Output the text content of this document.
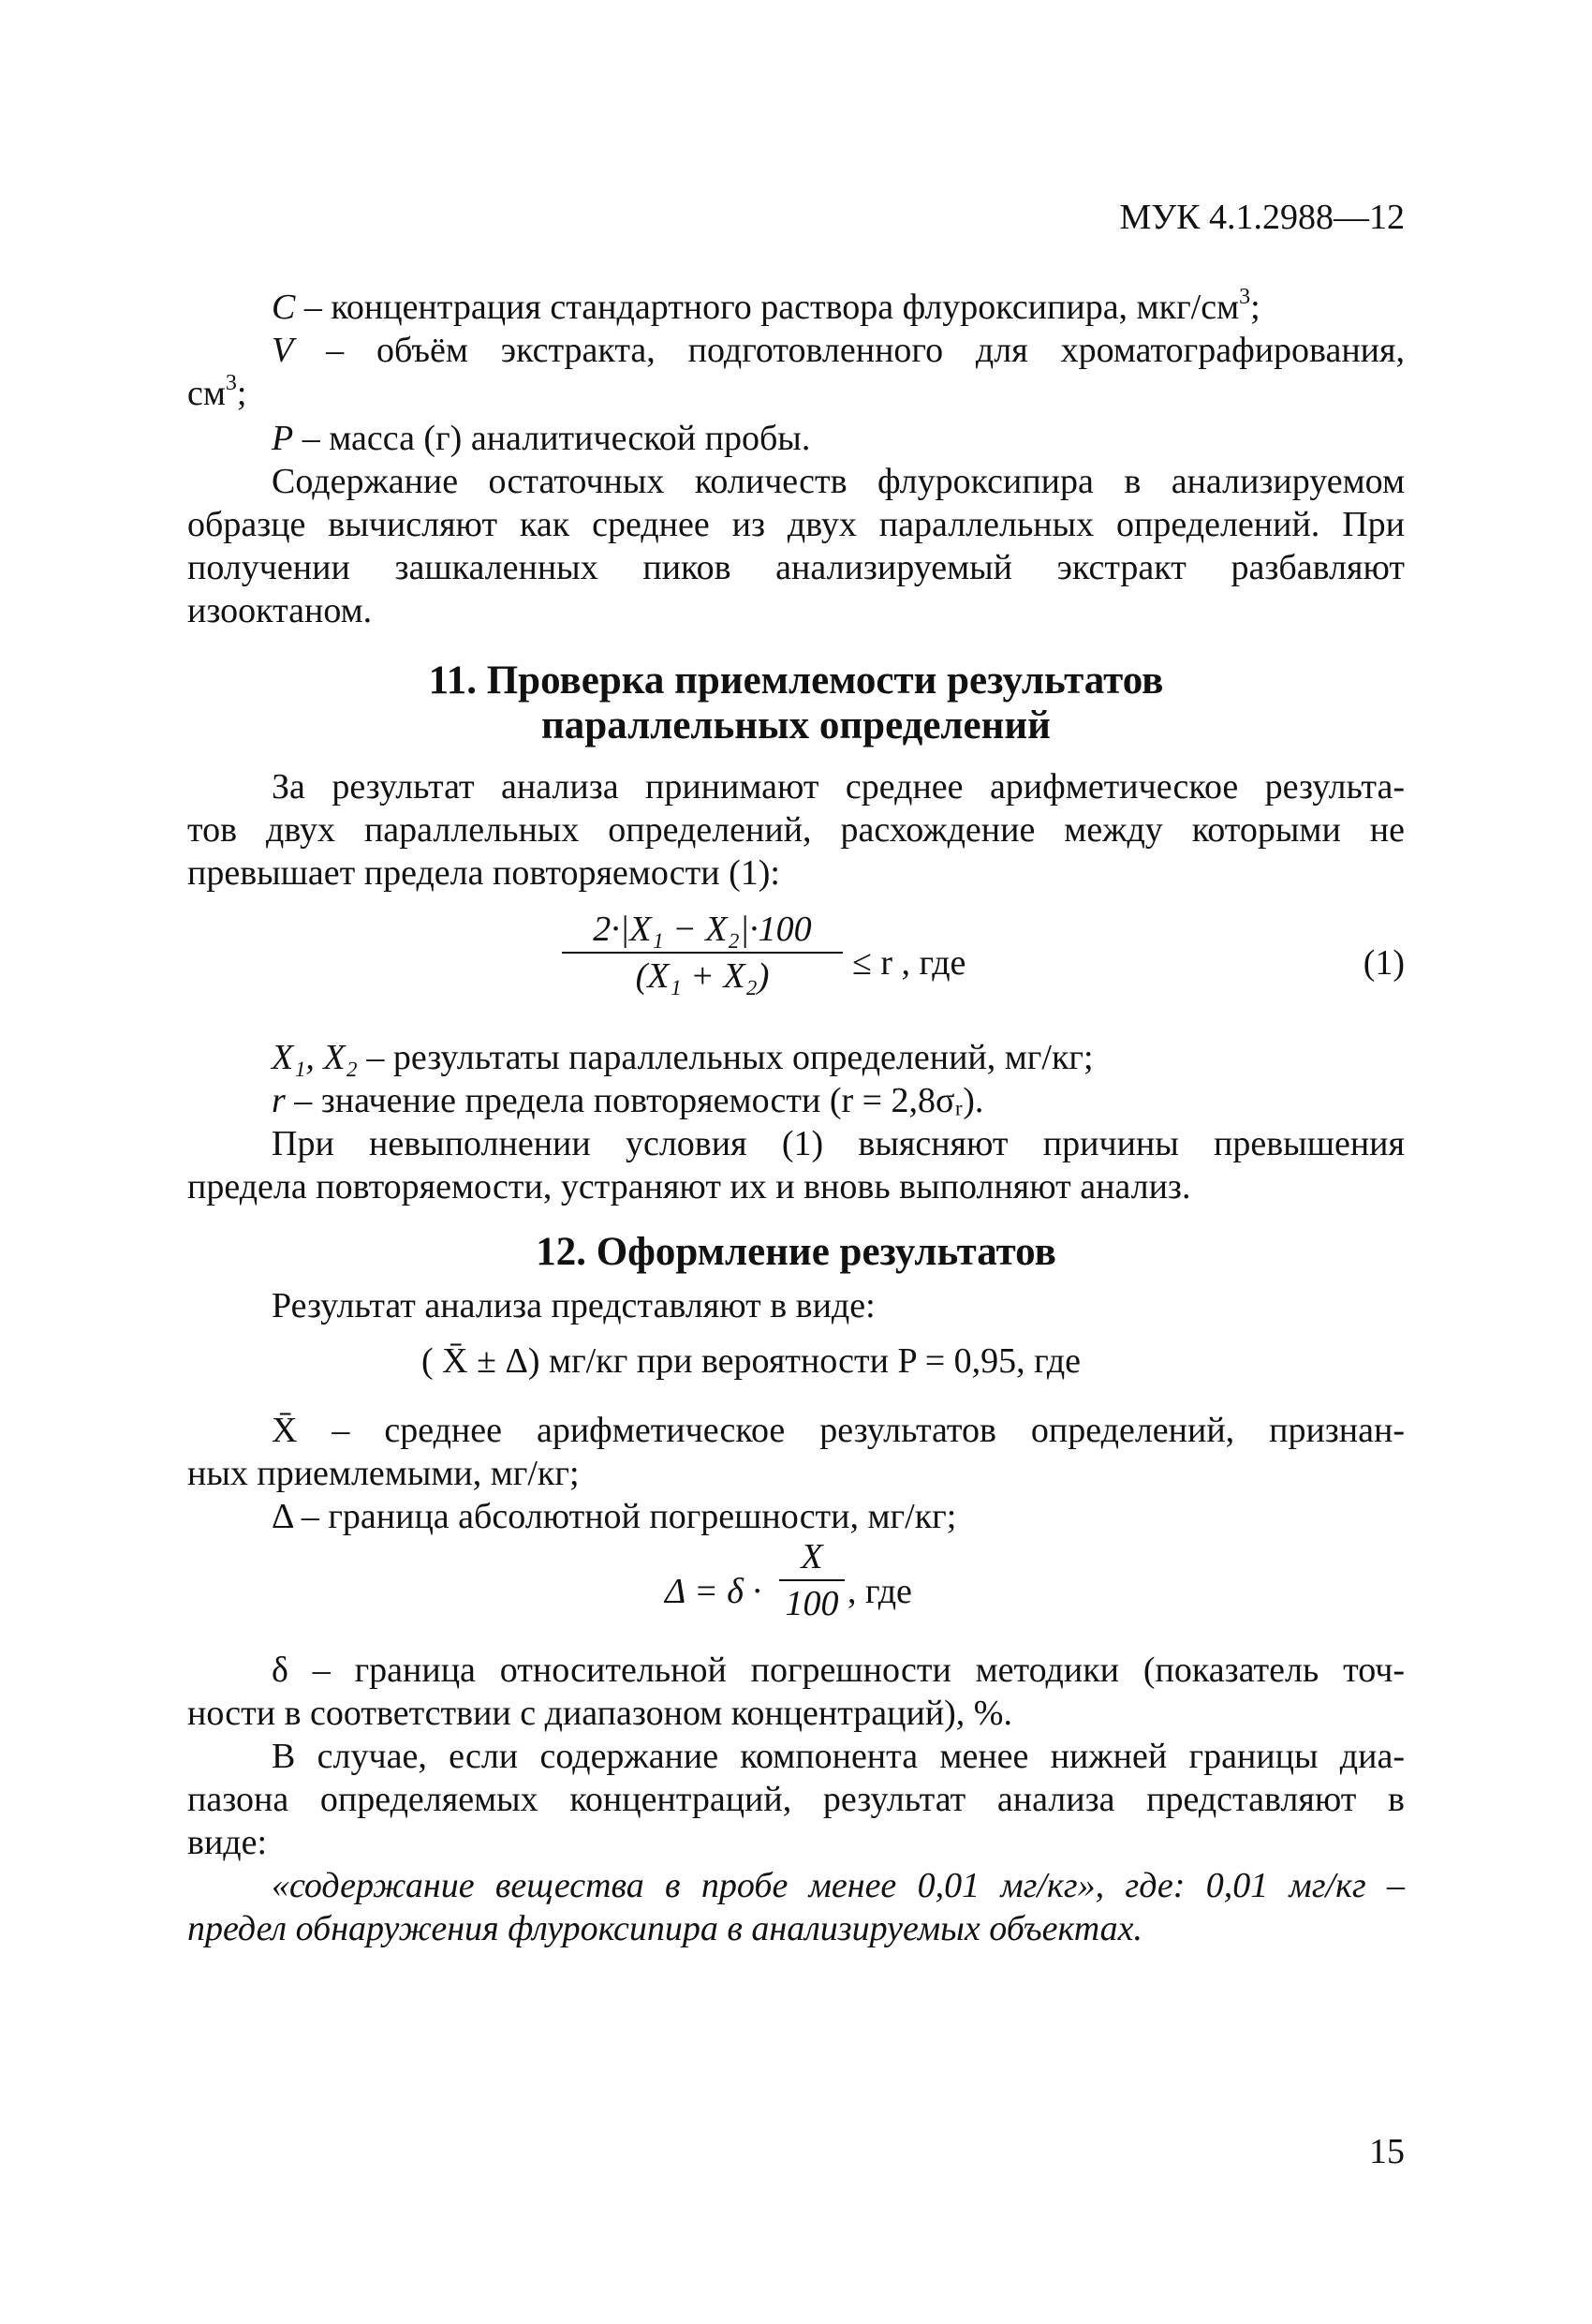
МУК 4.1.2988—12
C – концентрация стандартного раствора флуроксипира, мкг/$см^3$;
V – объём экстракта, подготовленного для хроматографирования,
$см^3$;
P – масса (г) аналитической пробы.
Содержание остаточных количеств флуроксипира в анализируемом
образце вычисляют как среднее из двух параллельных определений. При
получении зашкаленных пиков анализируемый экстракт разбавляют
изооктаном.
11. Проверка приемлемости результатов
параллельных определений
За результат анализа принимают среднее арифметическое результа-
тов двух параллельных определений, расхождение между которыми не
превышает предела повторяемости (1):
2·|X₁ − X₂|·100
(X₁ + X₂)	≤ r , где	(1)
X₁, X₂ – результаты параллельных определений, мг/кг;
r – значение предела повторяемости (r = 2,8σᵣ).
При невыполнении условия (1) выясняют причины превышения
предела повторяемости, устраняют их и вновь выполняют анализ.
12. Оформление результатов
Результат анализа представляют в виде:
( X̄ ± Δ) мг/кг при вероятности P = 0,95, где
X̄ – среднее арифметическое результатов определений, признан-
ных приемлемыми, мг/кг;
Δ – граница абсолютной погрешности, мг/кг;
Δ = δ ·
X
100 , где
δ – граница относительной погрешности методики (показатель точ-
ности в соответствии с диапазоном концентраций), %.
В случае, если содержание компонента менее нижней границы диа-
пазона определяемых концентраций, результат анализа представляют в
виде:
«содержание вещества в пробе менее 0,01 мг/кг», где: 0,01 мг/кг –
предел обнаружения флуроксипира в анализируемых объектах.
15
